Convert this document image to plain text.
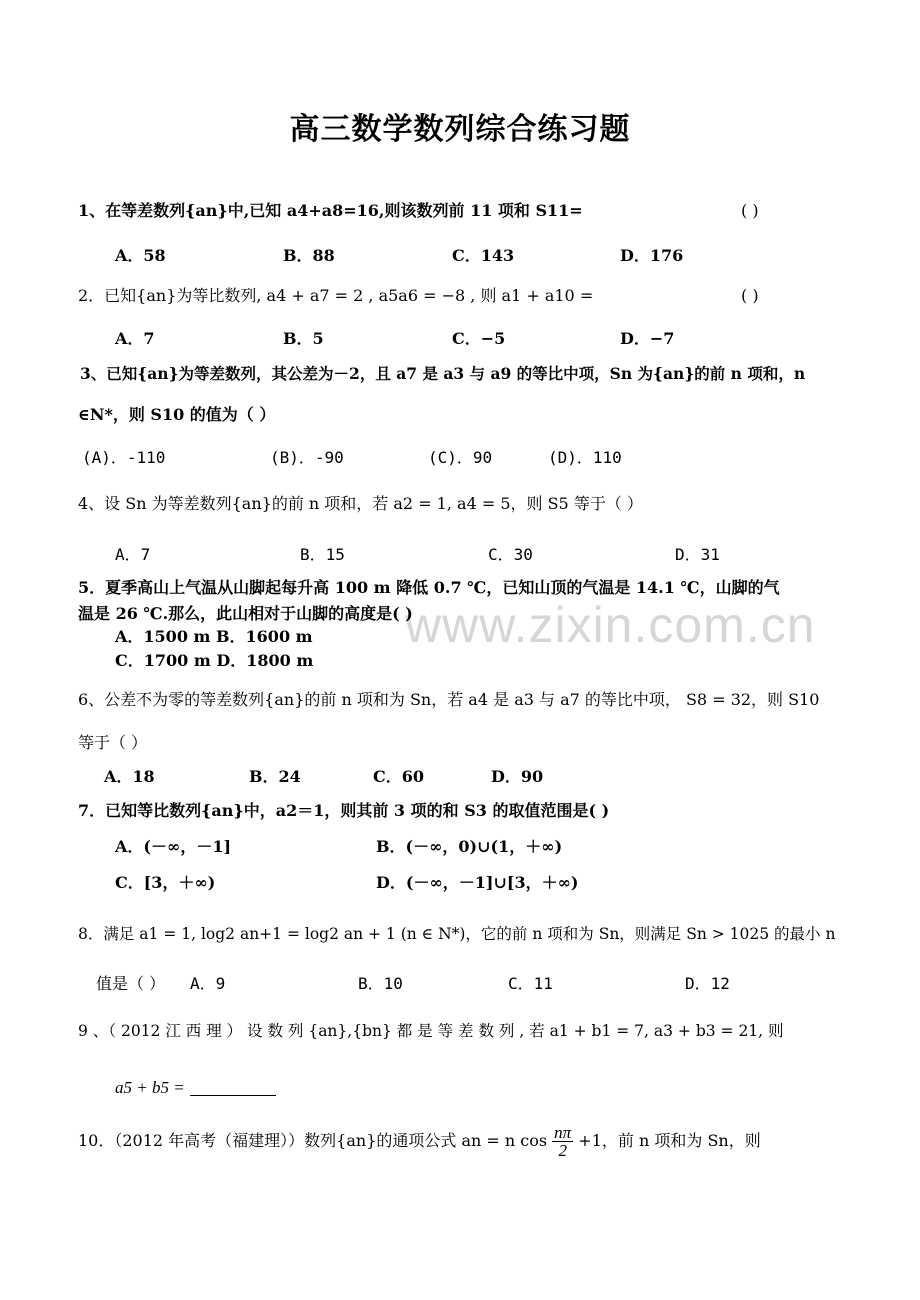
高三数学数列综合练习题
www.zixin.com.cn
1、在等差数列{an}中,已知 a4+a8=16,则该数列前 11 项和 S11=	( )
A．58	B．88	C．143	D．176
2．已知{an}为等比数列, a4 + a7 = 2 , a5a6 = −8 , 则 a1 + a10 =	( )
A．7	B．5	C．−5	D．−7
3、已知{an}为等差数列，其公差为－2，且 a7 是 a3 与 a9 的等比中项，Sn 为{an}的前 n 项和，n
∈N*，则 S10 的值为（ ）
(A)．-110	(B)．-90	(C)．90	(D)．110
4、设 Sn 为等差数列{an}的前 n 项和，若 a2 = 1, a4 = 5，则 S5 等于（ ）
A．7	B．15	C．30	D．31
5．夏季高山上气温从山脚起每升高 100 m 降低 0.7 ℃，已知山顶的气温是 14.1 ℃，山脚的气
温是 26 ℃.那么，此山相对于山脚的高度是( )
A．1500 m B．1600 m
C．1700 m D．1800 m
6、公差不为零的等差数列{an}的前 n 项和为 Sn，若 a4 是 a3 与 a7 的等比中项， S8 = 32，则 S10
等于（ ）
A．18	B．24	C．60	D．90
7．已知等比数列{an}中，a2＝1，则其前 3 项的和 S3 的取值范围是( )
A．(－∞，－1]	B．(－∞，0)∪(1，＋∞)
C．[3，＋∞)	D．(－∞，－1]∪[3，＋∞)
8．满足 a1 = 1, log2 an+1 = log2 an + 1 (n ∈ N*)，它的前 n 项和为 Sn，则满足 Sn > 1025 的最小 n
值是（ ） A．9	B．10	C．11	D．12
9 、（ 2012 江 西 理 ） 设 数 列 {an},{bn} 都 是 等 差 数 列 , 若 a1 + b1 = 7, a3 + b3 = 21, 则
a5 + b5 =
10．（2012 年高考（福建理））数列{an}的通项公式 an = n $\cos \frac{n\pi}{2} +1$，前 n 项和为 Sn，则
